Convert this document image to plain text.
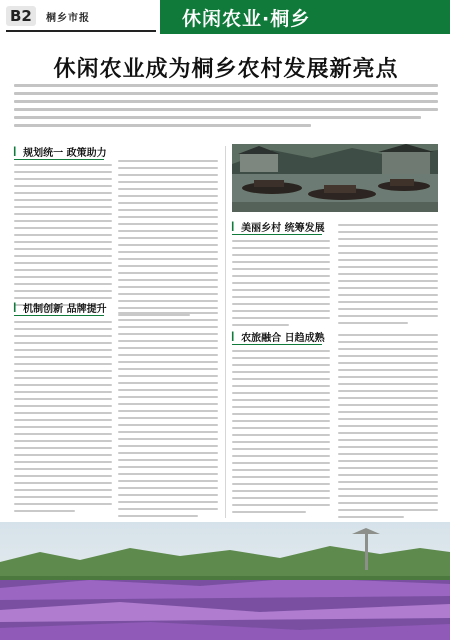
B2	桐乡市报	休闲农业·桐乡
休闲农业成为桐乡农村发展新亮点
▎ 规划统一 政策助力
▎ 机制创新 品牌提升
▎ 美丽乡村 统筹发展
▎ 农旅融合 日趋成熟
